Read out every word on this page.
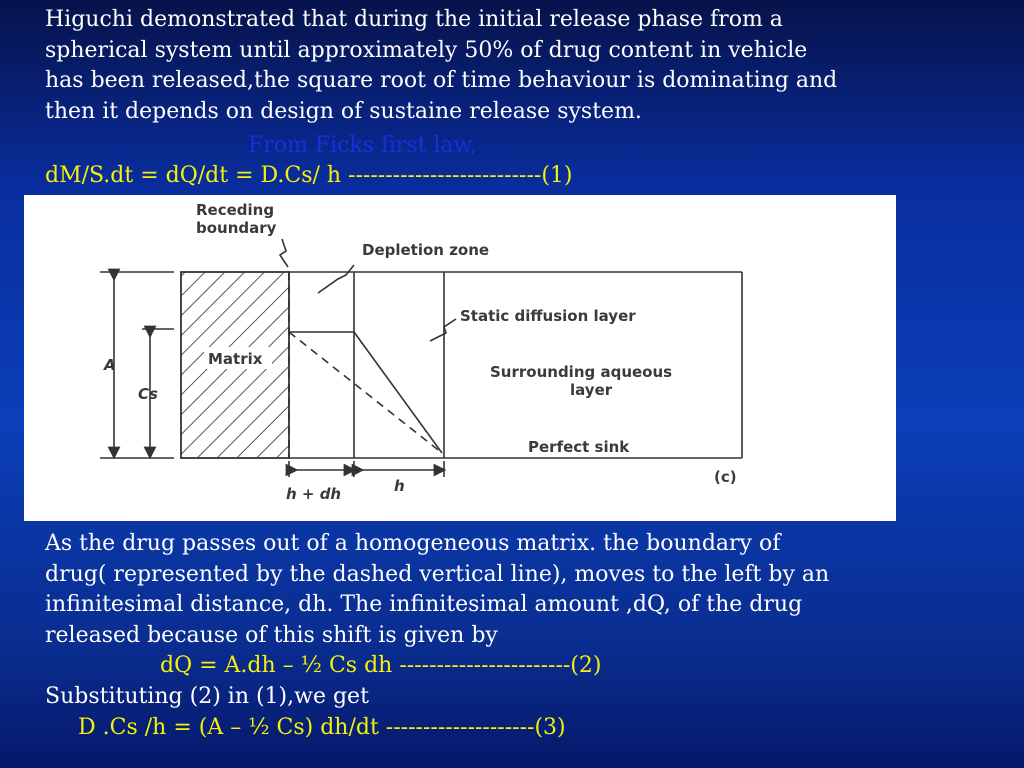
Higuchi demonstrated that during the initial release phase from a
spherical system until approximately 50% of drug content in vehicle
has been released,the square root of time behaviour is dominating and
then it depends on design of sustaine release system.
From Ficks first law,
dM/S.dt = dQ/dt = D.Cs/ h --------------------------(1)
A
Cs
Matrix
Receding
boundary
Depletion zone
Static diffusion layer
Surrounding aqueous
layer
Perfect sink
h + dh	h	(c)
As the drug passes out of a homogeneous matrix. the boundary of
drug( represented by the dashed vertical line), moves to the left by an
infinitesimal distance, dh. The infinitesimal amount ,dQ, of the drug
released because of this shift is given by
dQ = A.dh – ½ Cs dh -----------------------(2)
Substituting (2) in (1),we get
D .Cs /h = (A – ½ Cs) dh/dt --------------------(3)
